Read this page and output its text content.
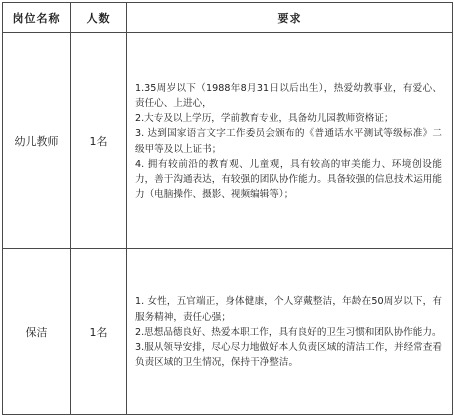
岗位名称	人数	要求
幼儿教师	1名	1.35周岁以下（1988年8月31日以后出生），热爱幼教事业，有爱心、责任心、上进心，

2.大专及以上学历，学前教育专业，具备幼儿园教师资格证；

3. 达到国家语言文字工作委员会颁布的《普通话水平测试等级标准》二级甲等及以上证书；

4. 拥有较前沿的教育观、儿童观，具有较高的审美能力、环境创设能力，善于沟通表达，有较强的团队协作能力。具备较强的信息技术运用能力（电脑操作、摄影、视频编辑等）；

保洁	1名	1. 女性，五官端正，身体健康，个人穿戴整洁，年龄在50周岁以下，有服务精神，责任心强；

2.思想品德良好、热爱本职工作，具有良好的卫生习惯和团队协作能力。

3.服从领导安排，尽心尽力地做好本人负责区域的清洁工作，并经常查看负责区域的卫生情况，保持干净整洁。
